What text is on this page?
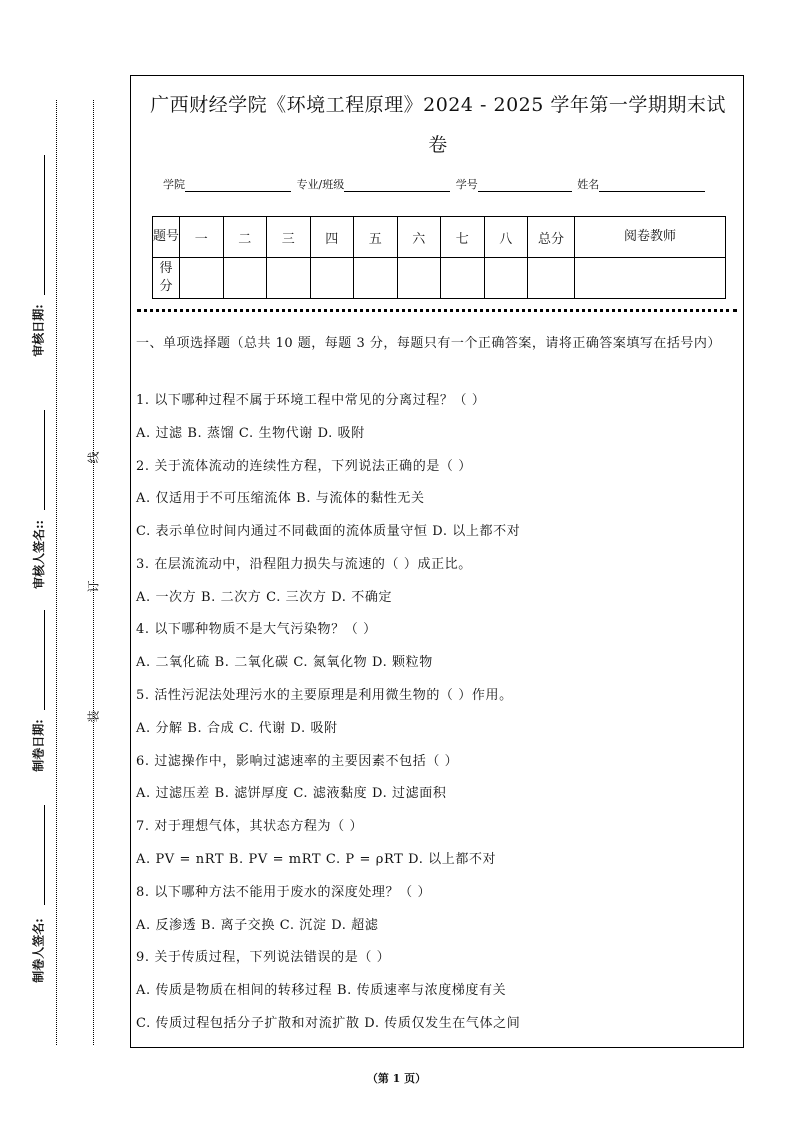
审核日期:
审核人签名::
制卷日期:
制卷人签名:
线
订
装
广西财经学院《环境工程原理》2024 - 2025 学年第一学期期末试
卷
学院	专业/班级	学号	姓名
题号	一	二	三	四	五	六	七	八	总分	阅卷教师
得分										
一、单项选择题（总共 10 题，每题 3 分，每题只有一个正确答案，请将正确答案填写在括号内）
1. 以下哪种过程不属于环境工程中常见的分离过程？（ ）
A. 过滤 B. 蒸馏 C. 生物代谢 D. 吸附
2. 关于流体流动的连续性方程，下列说法正确的是（ ）
A. 仅适用于不可压缩流体 B. 与流体的黏性无关
C. 表示单位时间内通过不同截面的流体质量守恒 D. 以上都不对
3. 在层流流动中，沿程阻力损失与流速的（ ）成正比。
A. 一次方 B. 二次方 C. 三次方 D. 不确定
4. 以下哪种物质不是大气污染物？（ ）
A. 二氧化硫 B. 二氧化碳 C. 氮氧化物 D. 颗粒物
5. 活性污泥法处理污水的主要原理是利用微生物的（ ）作用。
A. 分解 B. 合成 C. 代谢 D. 吸附
6. 过滤操作中，影响过滤速率的主要因素不包括（ ）
A. 过滤压差 B. 滤饼厚度 C. 滤液黏度 D. 过滤面积
7. 对于理想气体，其状态方程为（ ）
A. PV = nRT B. PV = mRT C. P = ρRT D. 以上都不对
8. 以下哪种方法不能用于废水的深度处理？（ ）
A. 反渗透 B. 离子交换 C. 沉淀 D. 超滤
9. 关于传质过程，下列说法错误的是（ ）
A. 传质是物质在相间的转移过程 B. 传质速率与浓度梯度有关
C. 传质过程包括分子扩散和对流扩散 D. 传质仅发生在气体之间
（第 1 页）
